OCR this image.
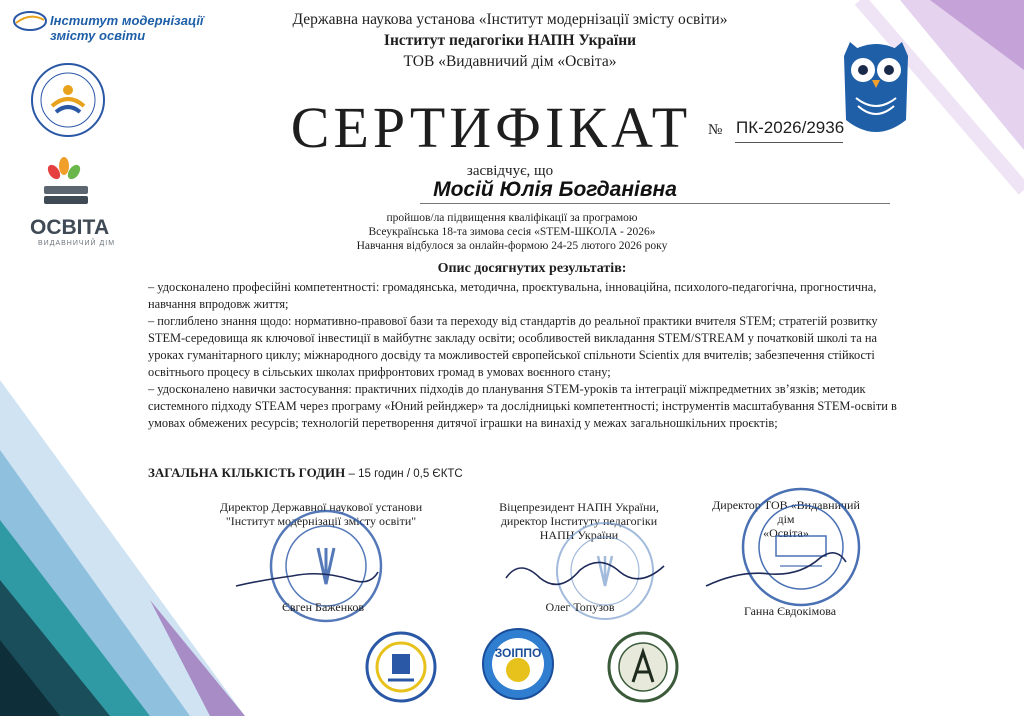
Інститут модернізації змісту освіти
ОСВІТА
ВИДАВНИЧИЙ ДІМ
Державна наукова установа «Інститут модернізації змісту освіти»
Інститут педагогіки НАПН України
ТОВ «Видавничий дім «Освіта»
СЕРТИФІКАТ	№ ПК-2026/2936
засвідчує, що
Мосій Юлія Богданівна
пройшов/ла підвищення кваліфікації за програмою
Всеукраїнська 18-та зимова сесія «STEM-ШКОЛА - 2026»
Навчання відбулося за онлайн-формою 24-25 лютого 2026 року
Опис досягнутих результатів:

– удосконалено професійні компетентності: громадянська, методична, проєктувальна, інноваційна, психолого-педагогічна, прогностична, навчання впродовж життя;

– поглиблено знання щодо: нормативно-правової бази та переходу від стандартів до реальної практики вчителя STEM; стратегій розвитку STEM-середовища як ключової інвестиції в майбутнє закладу освіти; особливостей викладання STEM/STREAM у початковій школі та на уроках гуманітарного циклу; міжнародного досвіду та можливостей європейської спільноти Scientix для вчителів; забезпечення стійкості освітнього процесу в сільських школах прифронтових громад в умовах воєнного стану;

– удосконалено навички застосування: практичних підходів до планування STEM-уроків та інтеграції міжпредметних зв’язків; методик системного підходу STEAM через програму «Юний рейнджер» та дослідницькі компетентності; інструментів масштабування STEM-освіти в умовах обмежених ресурсів; технологій перетворення дитячої іграшки на винахід у межах загальношкільних проєктів;

ЗАГАЛЬНА КІЛЬКІСТЬ ГОДИН – 15 годин / 0,5 ЄКТС
Директор Державної наукової установи
"Інститут модернізації змісту освіти"
Євген Баженков
Віцепрезидент НАПН України,
директор Інституту педагогіки
НАПН України
Олег Топузов
Директор ТОВ «Видавничий дім
«Освіта»
Ганна Євдокімова
ЗОІППО
